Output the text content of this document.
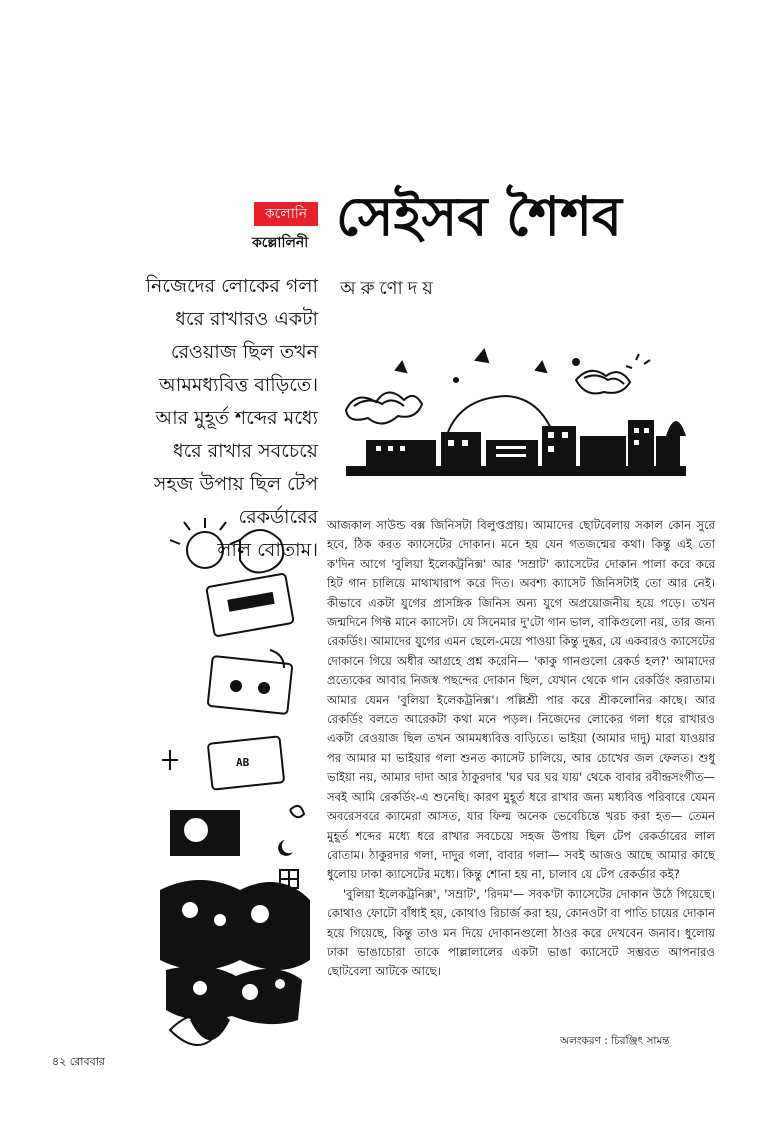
কলোনি
কল্লোলিনী সেইসব শৈশব
অরুণোদয়
নিজেদের লোকের গলা
ধরে রাখারও একটা
রেওয়াজ ছিল তখন
আমমধ্যবিত্ত বাড়িতে।
আর মুহূর্ত শব্দের মধ্যে
ধরে রাখার সবচেয়ে
সহজ উপায় ছিল টেপ
রেকর্ডারের
লাল বোতাম।

আজকাল সাউন্ড বক্স জিনিসটা বিলুপ্তপ্রায়। আমাদের ছোটবেলায় সকাল কোন সুরে হবে, ঠিক করত ক্যাসেটের দোকান। মনে হয় যেন গতজন্মের কথা। কিন্তু এই তো ক'দিন আগে 'বুলিয়া ইলেকট্রনিক্স' আর 'সম্রাট' ক্যাসেটের দোকান পালা করে করে হিট গান চালিয়ে মাথাখারাপ করে দিত। অবশ্য ক্যাসেট জিনিসটাই তো আর নেই। কীভাবে একটা যুগের প্রাসঙ্গিক জিনিস অন্য যুগে অপ্রয়োজনীয় হয়ে পড়ে। তখন জন্মদিনে গিফ্ট মানে ক্যাসেট। যে সিনেমার দু'টো গান ভাল, বাকিগুলো নয়, তার জন্য রেকর্ডিং। আমাদের যুগের এমন ছেলে-মেয়ে পাওয়া কিন্তু দুষ্কর, যে একবারও ক্যাসেটের দোকানে গিয়ে অধীর আগ্রহে প্রশ্ন করেনি— 'কাকু গানগুলো রেকর্ড হল?' আমাদের প্রত্যেকের আবার নিজস্ব পছন্দের দোকান ছিল, যেখান থেকে গান রেকর্ডিং করাতাম। আমার যেমন 'বুলিয়া ইলেকট্রনিক্স'। পল্লিশ্রী পার করে শ্রীকলোনির কাছে। আর রেকর্ডিং বলতে আরেকটা কথা মনে পড়ল। নিজেদের লোকের গলা ধরে রাখারও একটা রেওয়াজ ছিল তখন আমমধ্যবিত্ত বাড়িতে। ভাইয়া (আমার দাদু) মারা যাওয়ার পর আমার মা ভাইয়ার গলা শুনত ক্যাসেট চালিয়ে, আর চোখের জল ফেলত। শুধু ভাইয়া নয়, আমার দাদা আর ঠাকুরদার 'ঘর ঘর ঘর যায়' থেকে বাবার রবীন্দ্রসংগীত— সবই আমি রেকর্ডিং-এ শুনেছি। কারণ মুহূর্ত ধরে রাখার জন্য মধ্যবিত্ত পরিবারে যেমন অবরেসবরে ক্যামেরা আসত, যার ফিল্ম অনেক ভেবেচিন্তে খরচ করা হত— তেমন মুহূর্ত শব্দের মধ্যে ধরে রাখার সবচেয়ে সহজ উপায় ছিল টেপ রেকর্ডারের লাল বোতাম। ঠাকুরদার গলা, দাদুর গলা, বাবার গলা— সবই আজও আছে আমার কাছে ধুলোয় ঢাকা ক্যাসেটের মধ্যে। কিন্তু শোনা হয় না, চালাব যে টেপ রেকর্ডার কই?

'বুলিয়া ইলেকট্রনিক্স', 'সম্রাট', 'রিদম'— সবক'টা ক্যাসেটের দোকান উঠে গিয়েছে। কোথাও ফোটো বাঁধাই হয়, কোথাও রিচার্জ করা হয়, কোনওটা বা পাতি চায়ের দোকান হয়ে গিয়েছে, কিন্তু তাও মন দিয়ে দোকানগুলো ঠাওর করে দেখবেন জনাব। ধুলোয় ঢাকা ভাঙাচোরা তাকে পাল্লালালের একটা ভাঙা ক্যাসেটে সম্ভবত আপনারও ছোটবেলা আটকে আছে।

AB
অলংকরণ : চিরঞ্জিৎ সামন্ত
৪২ রোববার
